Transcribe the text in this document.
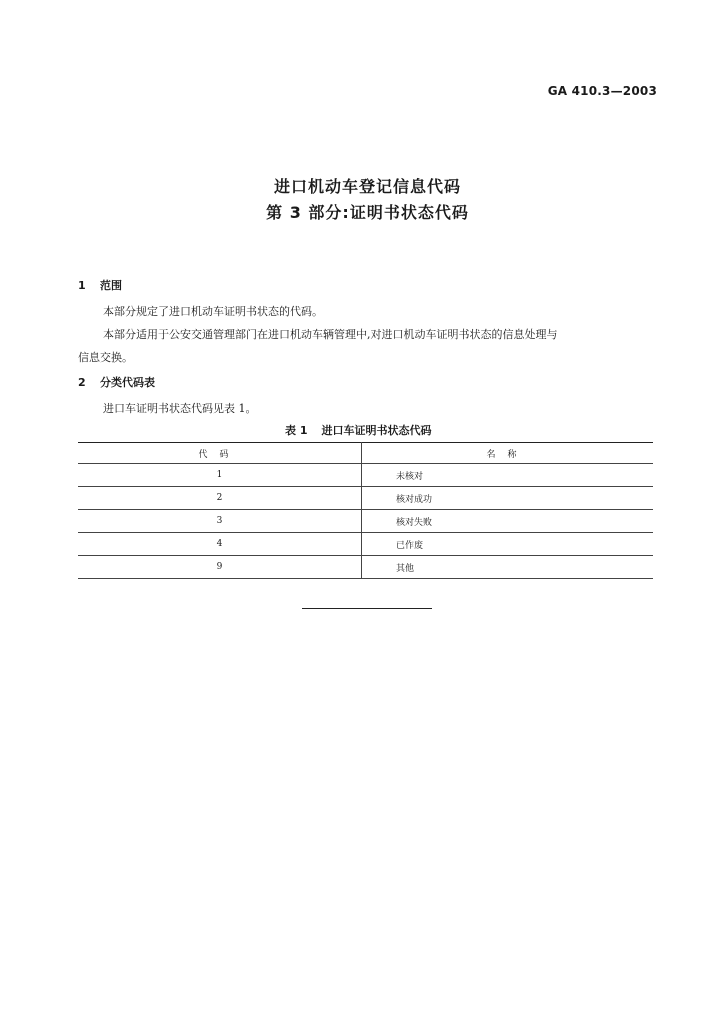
GA 410.3—2003
进口机动车登记信息代码
第 3 部分:证明书状态代码
1 范围
本部分规定了进口机动车证明书状态的代码。
本部分适用于公安交通管理部门在进口机动车辆管理中,对进口机动车证明书状态的信息处理与
信息交换。
2 分类代码表
进口车证明书状态代码见表 1。
表 1 进口车证明书状态代码
代码	名称
1	未核对
2	核对成功
3	核对失败
4	已作废
9	其他
